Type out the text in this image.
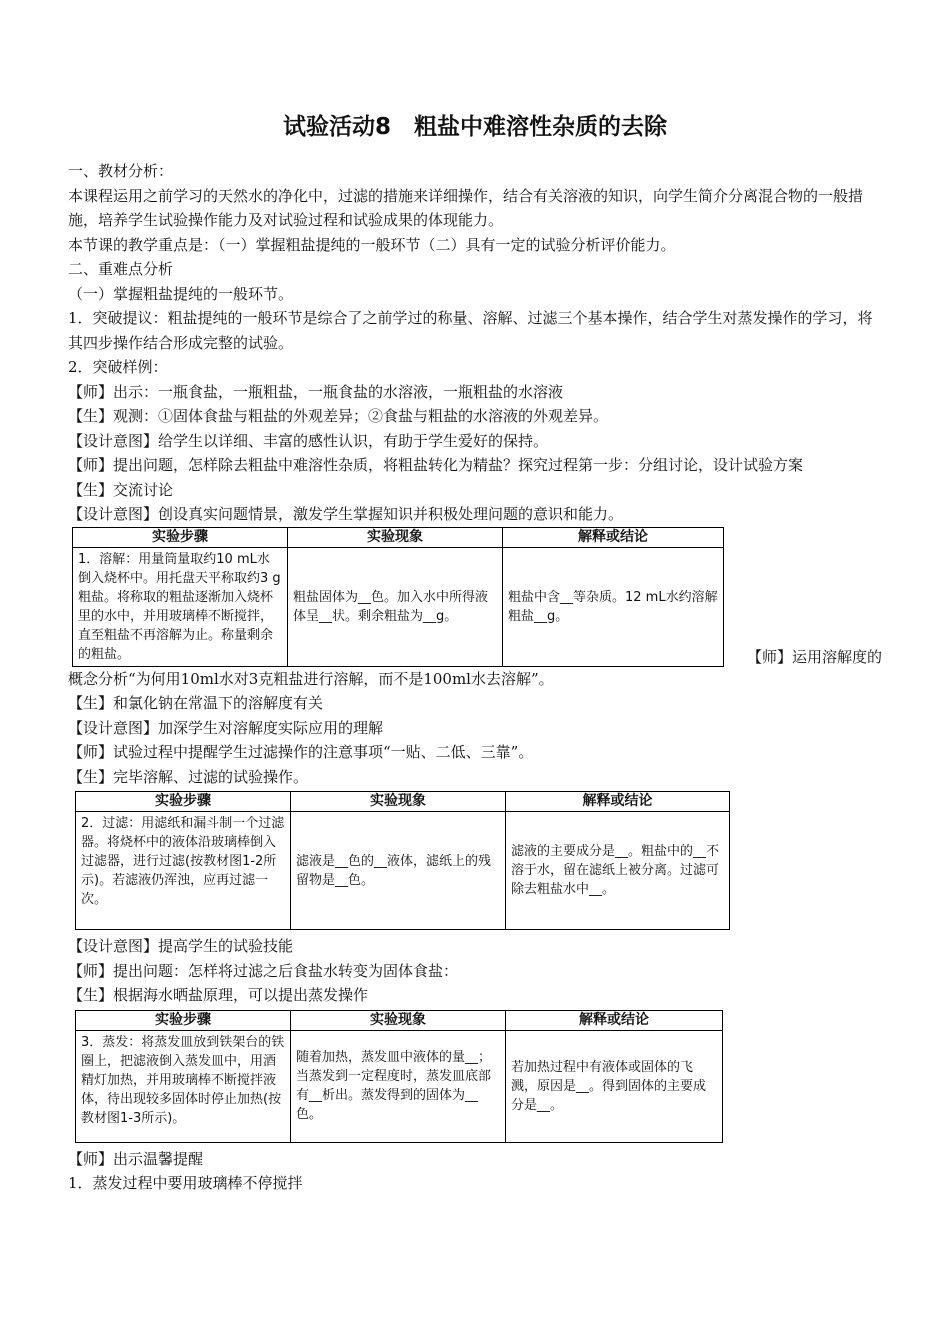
试验活动8　粗盐中难溶性杂质的去除

一、教材分析：

本课程运用之前学习的天然水的净化中，过滤的措施来详细操作，结合有关溶液的知识，向学生简介分离混合物的一般措施，培养学生试验操作能力及对试验过程和试验成果的体现能力。

本节课的教学重点是：（一）掌握粗盐提纯的一般环节（二）具有一定的试验分析评价能力。

二、重难点分析

（一）掌握粗盐提纯的一般环节。

1．突破提议：粗盐提纯的一般环节是综合了之前学过的称量、溶解、过滤三个基本操作，结合学生对蒸发操作的学习，将其四步操作结合形成完整的试验。

2．突破样例：

【师】出示：一瓶食盐，一瓶粗盐，一瓶食盐的水溶液，一瓶粗盐的水溶液

【生】观测：①固体食盐与粗盐的外观差异；②食盐与粗盐的水溶液的外观差异。

【设计意图】给学生以详细、丰富的感性认识，有助于学生爱好的保持。

【师】提出问题，怎样除去粗盐中难溶性杂质，将粗盐转化为精盐？探究过程第一步：分组讨论，设计试验方案

【生】交流讨论

【设计意图】创设真实问题情景，激发学生掌握知识并积极处理问题的意识和能力。

实验步骤	实验现象	解释或结论
1．溶解：用量筒量取约10 mL水倒入烧杯中。用托盘天平称取约3 g粗盐。将称取的粗盐逐渐加入烧杯里的水中，并用玻璃棒不断搅拌，直至粗盐不再溶解为止。称量剩余的粗盐。	粗盐固体为__色。加入水中所得液体呈__状。剩余粗盐为__g。	粗盐中含__等杂质。12 mL水约溶解粗盐__g。
【师】运用溶解度的

概念分析“为何用10ml水对3克粗盐进行溶解，而不是100ml水去溶解”。

【生】和氯化钠在常温下的溶解度有关

【设计意图】加深学生对溶解度实际应用的理解

【师】试验过程中提醒学生过滤操作的注意事项“一贴、二低、三靠”。

【生】完毕溶解、过滤的试验操作。

实验步骤	实验现象	解释或结论
2．过滤：用滤纸和漏斗制一个过滤器。将烧杯中的液体沿玻璃棒倒入过滤器，进行过滤(按教材图1-2所示)。若滤液仍浑浊，应再过滤一次。	滤液是__色的__液体，滤纸上的残留物是__色。	滤液的主要成分是__。粗盐中的__不溶于水，留在滤纸上被分离。过滤可除去粗盐水中__。

【设计意图】提高学生的试验技能

【师】提出问题：怎样将过滤之后食盐水转变为固体食盐：

【生】根据海水晒盐原理，可以提出蒸发操作

实验步骤	实验现象	解释或结论
3．蒸发：将蒸发皿放到铁架台的铁圈上，把滤液倒入蒸发皿中，用酒精灯加热，并用玻璃棒不断搅拌液体，待出现较多固体时停止加热(按教材图1-3所示)。	随着加热，蒸发皿中液体的量__；当蒸发到一定程度时，蒸发皿底部有__析出。蒸发得到的固体为__色。	若加热过程中有液体或固体的飞溅，原因是__。得到固体的主要成分是__。

【师】出示温馨提醒

1．蒸发过程中要用玻璃棒不停搅拌
